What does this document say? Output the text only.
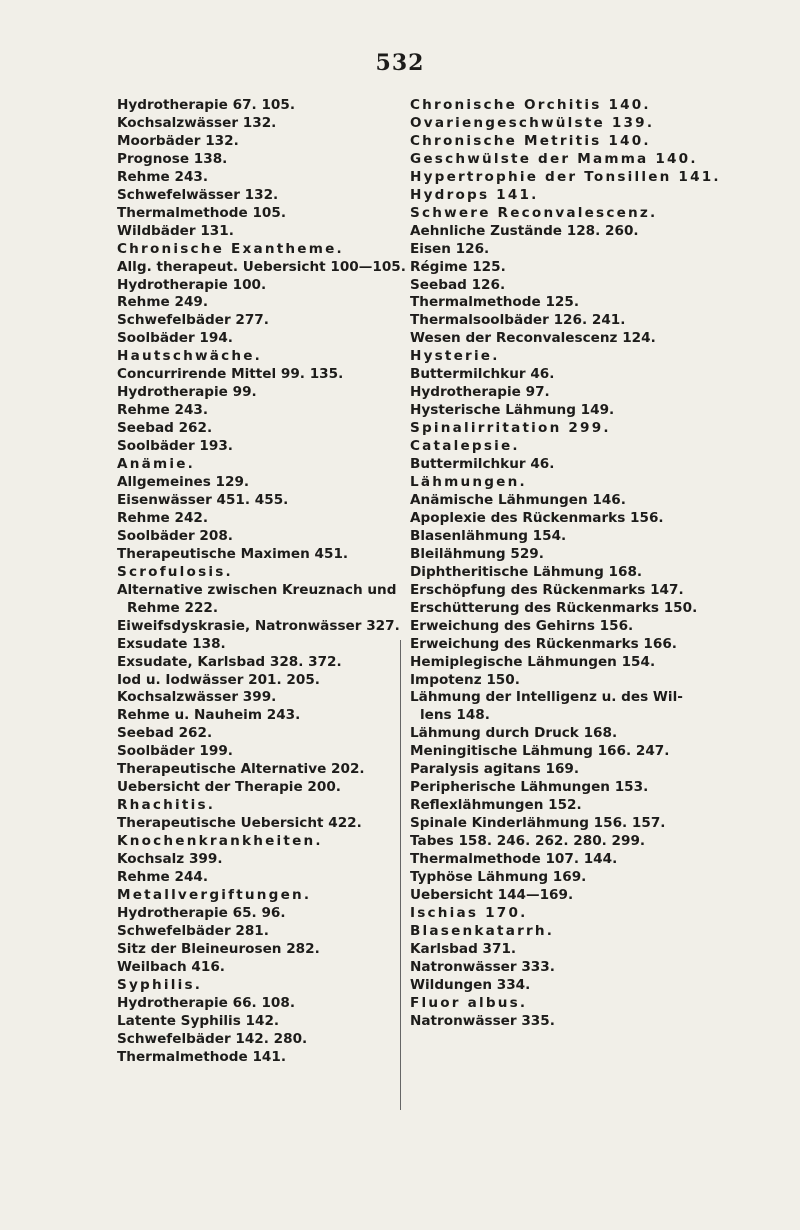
532
Hydrotherapie 67. 105.
Kochsalzwässer 132.
Moorbäder 132.
Prognose 138.
Rehme 243.
Schwefelwässer 132.
Thermalmethode 105.
Wildbäder 131.
Chronische Exantheme.
Allg. therapeut. Uebersicht 100—105.
Hydrotherapie 100.
Rehme 249.
Schwefelbäder 277.
Soolbäder 194.
Hautschwäche.
Concurrirende Mittel 99. 135.
Hydrotherapie 99.
Rehme 243.
Seebad 262.
Soolbäder 193.
Anämie.
Allgemeines 129.
Eisenwässer 451. 455.
Rehme 242.
Soolbäder 208.
Therapeutische Maximen 451.
Scrofulosis.
Alternative zwischen Kreuznach und
Rehme 222.
Eiweifsdyskrasie, Natronwässer 327.
Exsudate 138.
Exsudate, Karlsbad 328. 372.
Iod u. Iodwässer 201. 205.
Kochsalzwässer 399.
Rehme u. Nauheim 243.
Seebad 262.
Soolbäder 199.
Therapeutische Alternative 202.
Uebersicht der Therapie 200.
Rhachitis.
Therapeutische Uebersicht 422.
Knochenkrankheiten.
Kochsalz 399.
Rehme 244.
Metallvergiftungen.
Hydrotherapie 65. 96.
Schwefelbäder 281.
Sitz der Bleineurosen 282.
Weilbach 416.
Syphilis.
Hydrotherapie 66. 108.
Latente Syphilis 142.
Schwefelbäder 142. 280.
Thermalmethode 141.
Chronische Orchitis 140.
Ovariengeschwülste 139.
Chronische Metritis 140.
Geschwülste der Mamma 140.
Hypertrophie der Tonsillen 141.
Hydrops 141.
Schwere Reconvalescenz.
Aehnliche Zustände 128. 260.
Eisen 126.
Régime 125.
Seebad 126.
Thermalmethode 125.
Thermalsoolbäder 126. 241.
Wesen der Reconvalescenz 124.
Hysterie.
Buttermilchkur 46.
Hydrotherapie 97.
Hysterische Lähmung 149.
Spinalirritation 299.
Catalepsie.
Buttermilchkur 46.
Lähmungen.
Anämische Lähmungen 146.
Apoplexie des Rückenmarks 156.
Blasenlähmung 154.
Bleilähmung 529.
Diphtheritische Lähmung 168.
Erschöpfung des Rückenmarks 147.
Erschütterung des Rückenmarks 150.
Erweichung des Gehirns 156.
Erweichung des Rückenmarks 166.
Hemiplegische Lähmungen 154.
Impotenz 150.
Lähmung der Intelligenz u. des Wil-
lens 148.
Lähmung durch Druck 168.
Meningitische Lähmung 166. 247.
Paralysis agitans 169.
Peripherische Lähmungen 153.
Reflexlähmungen 152.
Spinale Kinderlähmung 156. 157.
Tabes 158. 246. 262. 280. 299.
Thermalmethode 107. 144.
Typhöse Lähmung 169.
Uebersicht 144—169.
Ischias 170.
Blasenkatarrh.
Karlsbad 371.
Natronwässer 333.
Wildungen 334.
Fluor albus.
Natronwässer 335.
